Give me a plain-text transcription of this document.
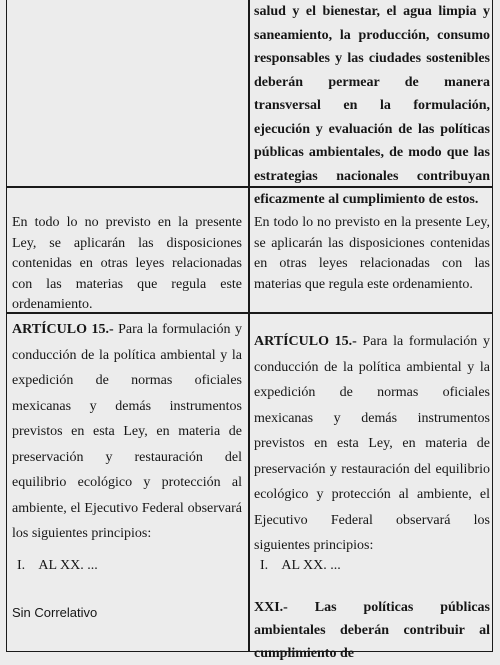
salud y el bienestar, el agua limpia y saneamiento, la producción, consumo responsables y las ciudades sostenibles deberán permear de manera transversal en la formulación, ejecución y evaluación de las políticas públicas ambientales, de modo que las estrategias nacionales contribuyan eficazmente al cumplimiento de estos.
En todo lo no previsto en la presente Ley, se aplicarán las disposiciones contenidas en otras leyes relacionadas con las materias que regula este ordenamiento.
En todo lo no previsto en la presente Ley, se aplicarán las disposiciones contenidas en otras leyes relacionadas con las materias que regula este ordenamiento.
ARTÍCULO 15.- Para la formulación y conducción de la política ambiental y la expedición de normas oficiales mexicanas y demás instrumentos previstos en esta Ley, en materia de preservación y restauración del equilibrio ecológico y protección al ambiente, el Ejecutivo Federal observará los siguientes principios:
I.    AL XX. ...
Sin Correlativo
ARTÍCULO 15.- Para la formulación y conducción de la política ambiental y la expedición de normas oficiales mexicanas y demás instrumentos previstos en esta Ley, en materia de preservación y restauración del equilibrio ecológico y protección al ambiente, el Ejecutivo Federal observará los siguientes principios:
I.    AL XX. ...
XXI.- Las políticas públicas ambientales deberán contribuir al cumplimiento de
